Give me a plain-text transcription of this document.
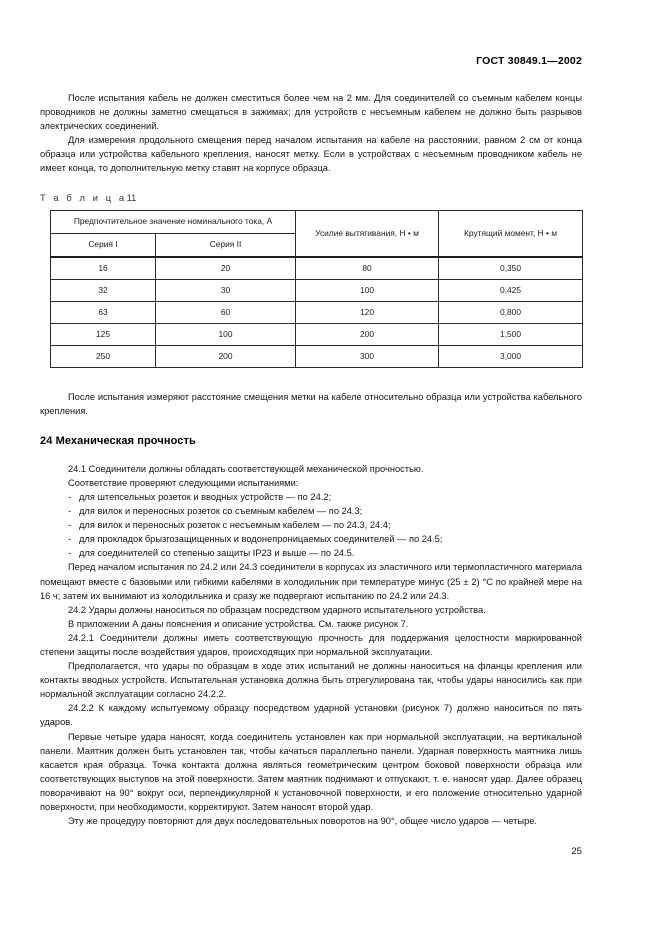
ГОСТ 30849.1—2002

После испытания кабель не должен сместиться более чем на 2 мм. Для соединителей со съемным кабелем концы проводников не должны заметно смещаться в зажимах; для устройств с несъемным кабелем не должно быть разрывов электрических соединений.

Для измерения продольного смещения перед началом испытания на кабеле на расстоянии, равном 2 см от конца образца или устройства кабельного крепления, наносят метку. Если в устройствах с несъемным проводником кабель не имеет конца, то дополнительную метку ставят на корпусе образца.

Т а б л и ц а11
Предпочтительное значение номинального тока, А		Усилие вытягивания, Н • м	Крутящий момент, Н • м
Серия I	Серия II		
16	20	80	0,350
32	30	100	0,425
63	60	120	0,800
125	100	200	1,500
250	200	300	3,000

После испытания измеряют расстояние смещения метки на кабеле относительно образца или устройства кабельного крепления.

24 Механическая прочность

24.1 Соединители должны обладать соответствующей механической прочностью.

Соответствие проверяют следующими испытаниями:

- для штепсельных розеток и вводных устройств — по 24.2;
- для вилок и переносных розеток со съемным кабелем — по 24.3;
- для вилок и переносных розеток с несъемным кабелем — по 24.3, 24.4;
- для прокладок брызгозащищенных и водонепроницаемых соединителей — по 24.5;
- для соединителей со степенью защиты IP23 и выше — по 24.5.

Перед началом испытания по 24.2 или 24.3 соединители в корпусах из эластичного или термопластичного материала помещают вместе с базовыми или гибкими кабелями в холодильник при температуре минус (25 ± 2) °С по крайней мере на 16 ч; затем их вынимают из холодильника и сразу же подвергают испытанию по 24.2 или 24.3.

24.2 Удары должны наноситься по образцам посредством ударного испытательного устройства.

В приложении А даны пояснения и описание устройства. См. также рисунок 7.

24.2.1 Соединители должны иметь соответствующую прочность для поддержания целостности маркированной степени защиты после воздействия ударов, происходящих при нормальной эксплуатации.

Предполагается, что удары по образцам в ходе этих испытаний не должны наноситься на фланцы крепления или контакты вводных устройств. Испытательная установка должна быть отрегулирована так, чтобы удары наносились как при нормальной эксплуатации согласно 24.2.2.

24.2.2 К каждому испытуемому образцу посредством ударной установки (рисунок 7) должно наноситься по пять ударов.

Первые четыре удара наносят, когда соединитель установлен как при нормальной эксплуатации, на вертикальной панели. Маятник должен быть установлен так, чтобы качаться параллельно панели. Ударная поверхность маятника лишь касается края образца. Точка контакта должна являться геометрическим центром боковой поверхности образца или соответствующих выступов на этой поверхности. Затем маятник поднимают и отпускают, т. е. наносят удар. Далее образец поворачивают на 90° вокруг оси, перпендикулярной к установочной поверхности, и его положение относительно ударной поверхности, при необходимости, корректируют. Затем наносят второй удар.

Эту же процедуру повторяют для двух последовательных поворотов на 90°, общее число ударов — четыре.

25
